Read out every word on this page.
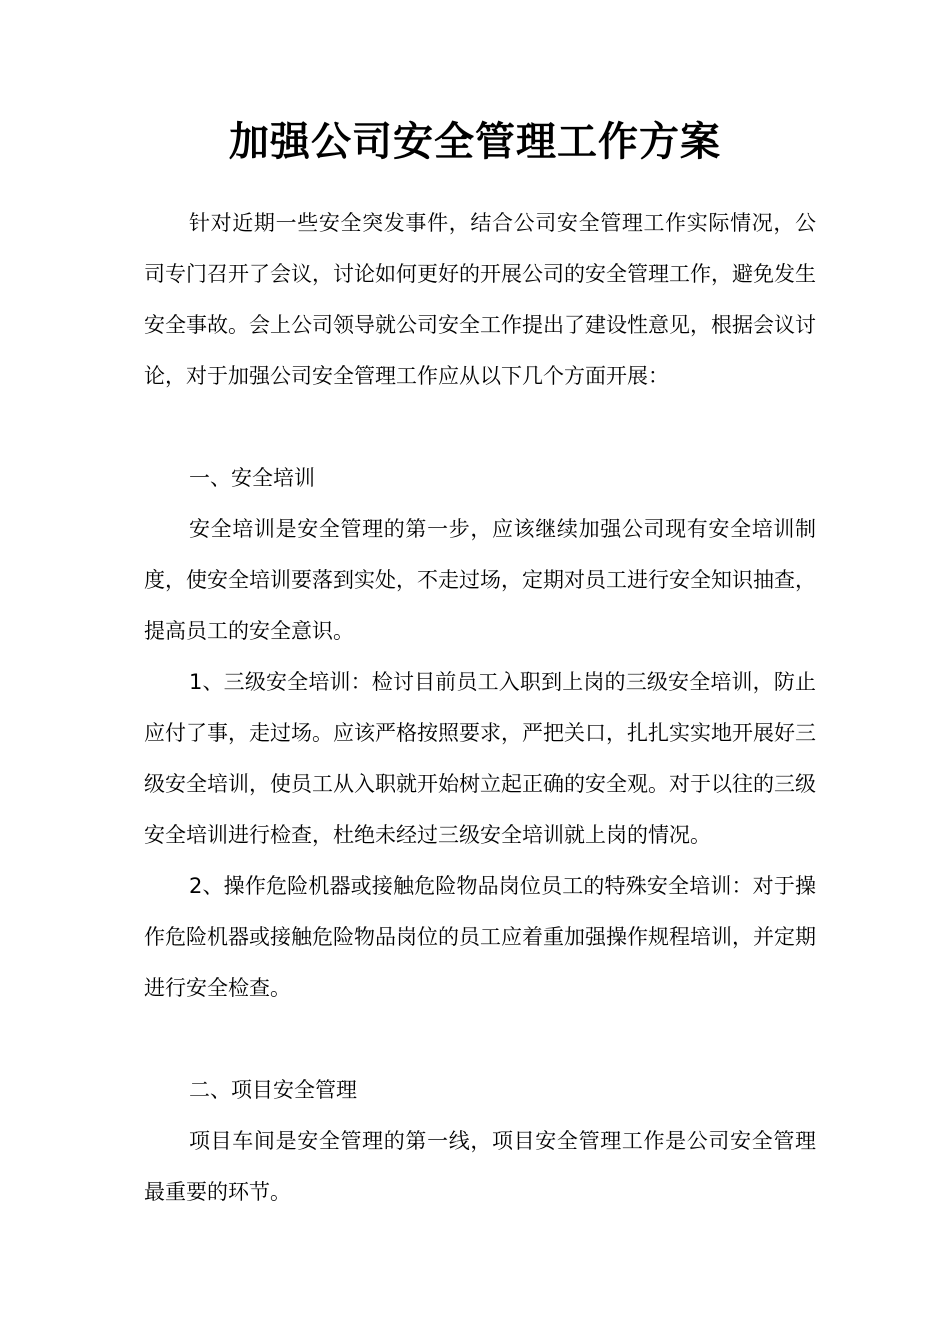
加强公司安全管理工作方案

针对近期一些安全突发事件，结合公司安全管理工作实际情况，公司专门召开了会议，讨论如何更好的开展公司的安全管理工作，避免发生安全事故。会上公司领导就公司安全工作提出了建设性意见，根据会议讨论，对于加强公司安全管理工作应从以下几个方面开展：

一、安全培训

安全培训是安全管理的第一步，应该继续加强公司现有安全培训制度，使安全培训要落到实处，不走过场，定期对员工进行安全知识抽查，提高员工的安全意识。

1、三级安全培训：检讨目前员工入职到上岗的三级安全培训，防止应付了事，走过场。应该严格按照要求，严把关口，扎扎实实地开展好三级安全培训，使员工从入职就开始树立起正确的安全观。对于以往的三级安全培训进行检查，杜绝未经过三级安全培训就上岗的情况。

2、操作危险机器或接触危险物品岗位员工的特殊安全培训：对于操作危险机器或接触危险物品岗位的员工应着重加强操作规程培训，并定期进行安全检查。

二、项目安全管理

项目车间是安全管理的第一线，项目安全管理工作是公司安全管理最重要的环节。
